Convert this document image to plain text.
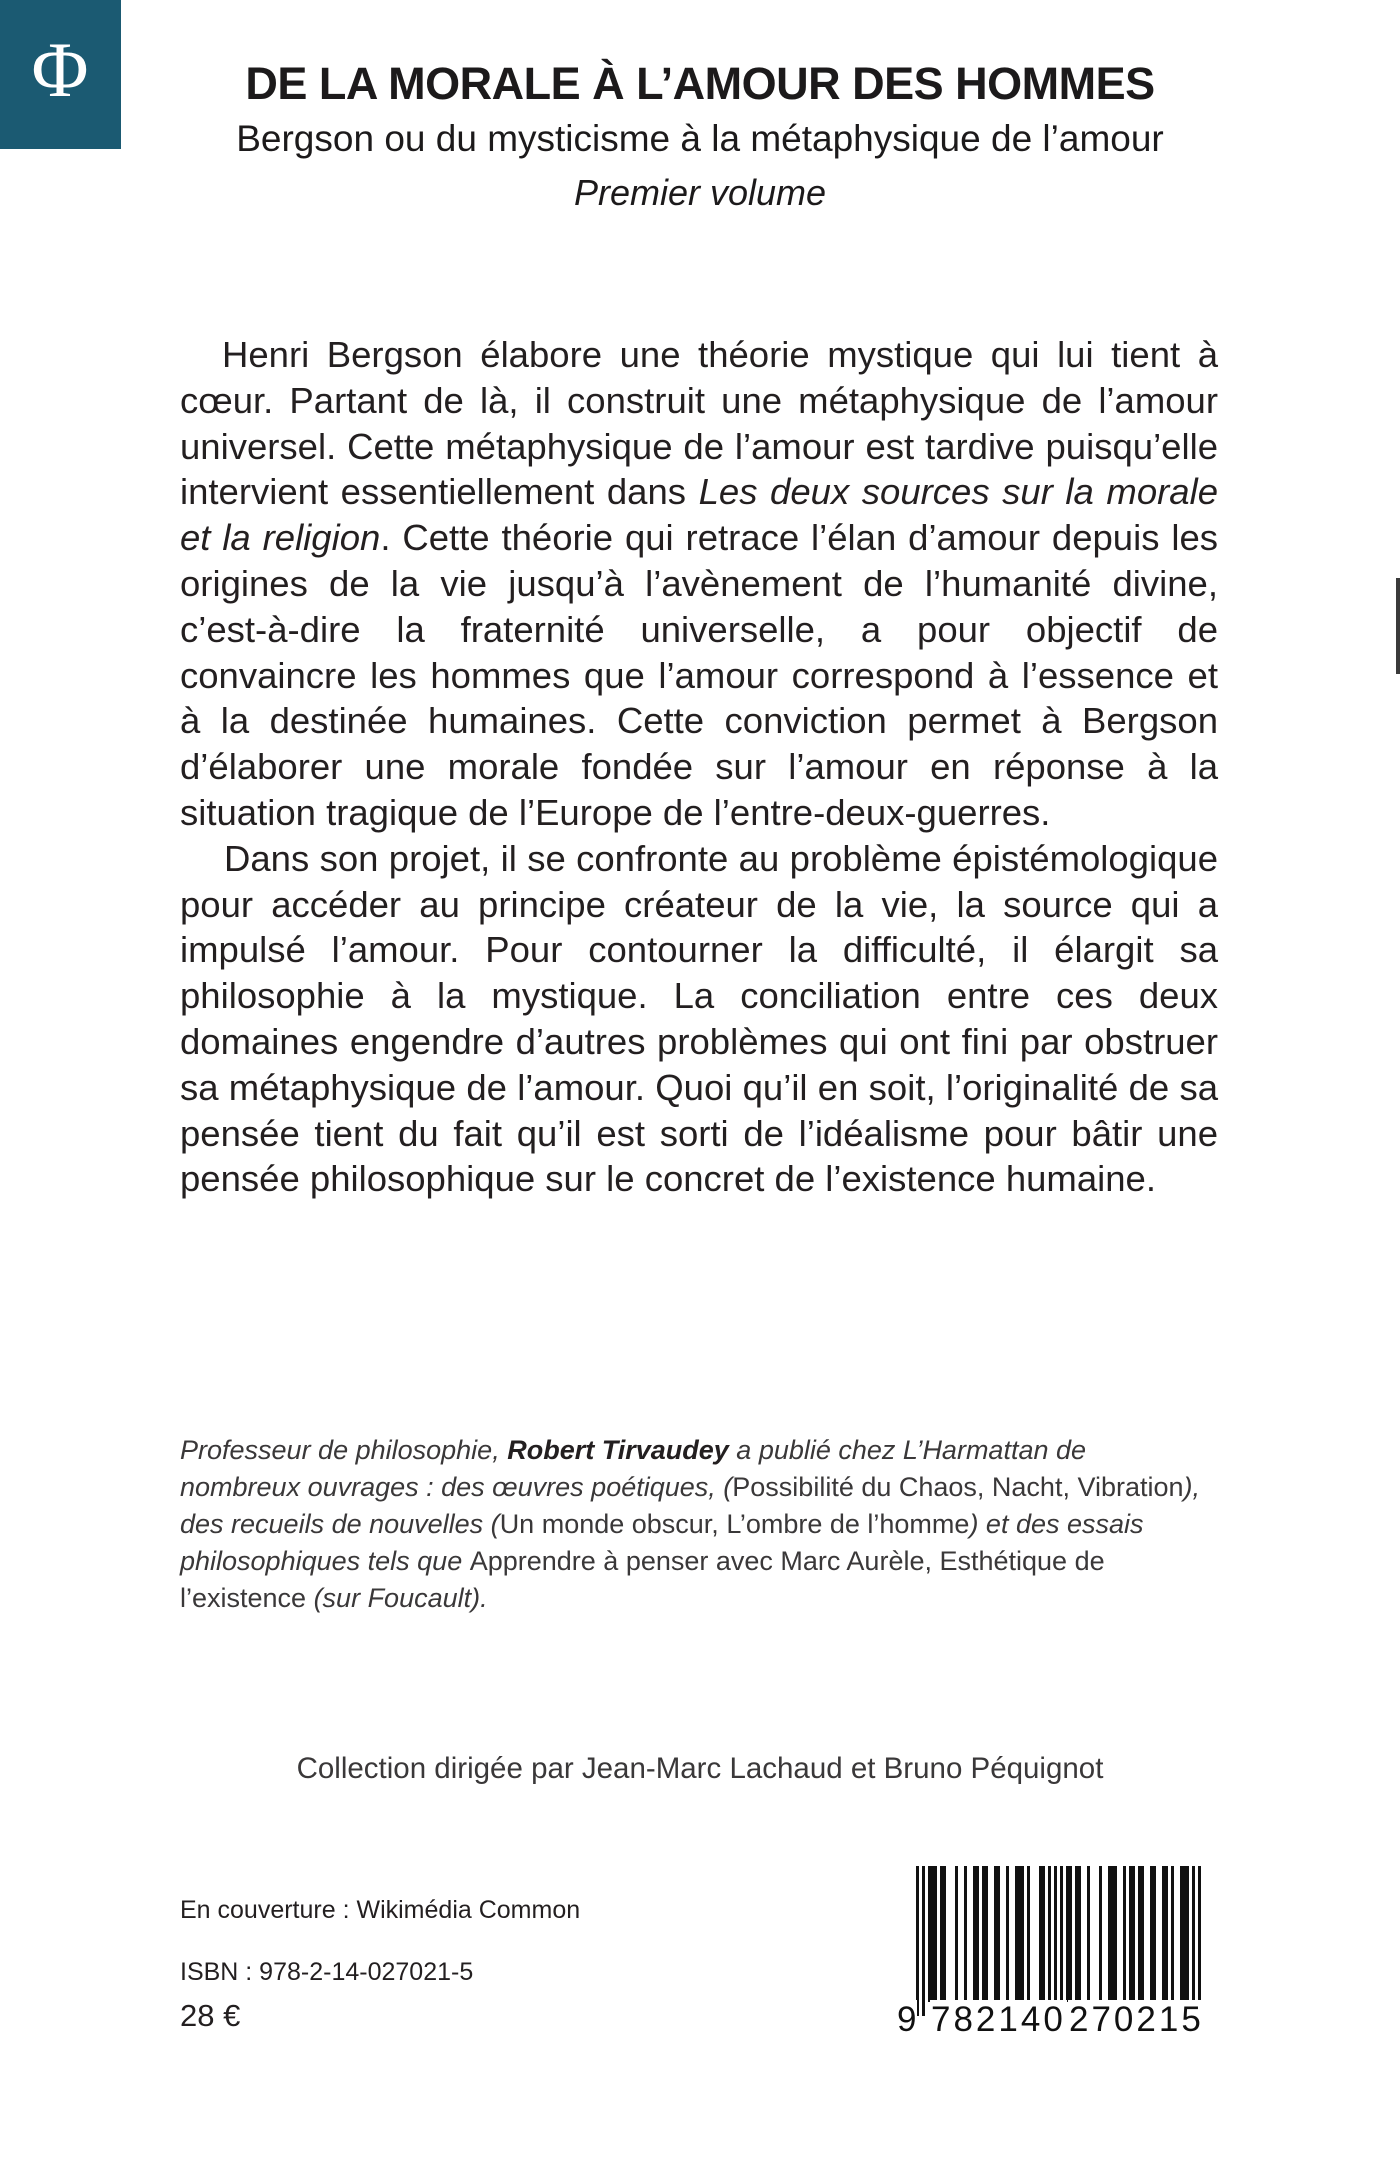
Φ	DE LA MORALE À L’AMOUR DES HOMMES
Bergson ou du mysticisme à la métaphysique de l’amour
Premier volume

Henri Bergson élabore une théorie mystique qui lui tient à cœur. Partant de là, il construit une métaphysique de l’amour universel. Cette métaphysique de l’amour est tardive puisqu’elle intervient essentiellement dans Les deux sources sur la morale et la religion. Cette théorie qui retrace l’élan d’amour depuis les origines de la vie jusqu’à l’avènement de l’humanité divine, c’est-à-dire la fraternité universelle, a pour objectif de convaincre les hommes que l’amour correspond à l’essence et à la destinée humaines. Cette conviction permet à Bergson d’élaborer une morale fondée sur l’amour en réponse à la situation tragique de l’Europe de l’entre-deux-guerres.

Dans son projet, il se confronte au problème épistémologique pour accéder au principe créateur de la vie, la source qui a impulsé l’amour. Pour contourner la difficulté, il élargit sa philosophie à la mystique. La conciliation entre ces deux domaines engendre d’autres problèmes qui ont fini par obstruer sa métaphysique de l’amour. Quoi qu’il en soit, l’originalité de sa pensée tient du fait qu’il est sorti de l’idéalisme pour bâtir une pensée philosophique sur le concret de l’existence humaine.

Professeur de philosophie, Robert Tirvaudey a publié chez L’Harmattan de nombreux ouvrages : des œuvres poétiques, (Possibilité du Chaos, Nacht, Vibration), des recueils de nouvelles (Un monde obscur, L’ombre de l’homme) et des essais philosophiques tels que Apprendre à penser avec Marc Aurèle, Esthétique de l’existence (sur Foucault).
Collection dirigée par Jean-Marc Lachaud et Bruno Péquignot
En couverture : Wikimédia Common
ISBN : 978-2-14-027021-5
28 €	9 782140 270215
